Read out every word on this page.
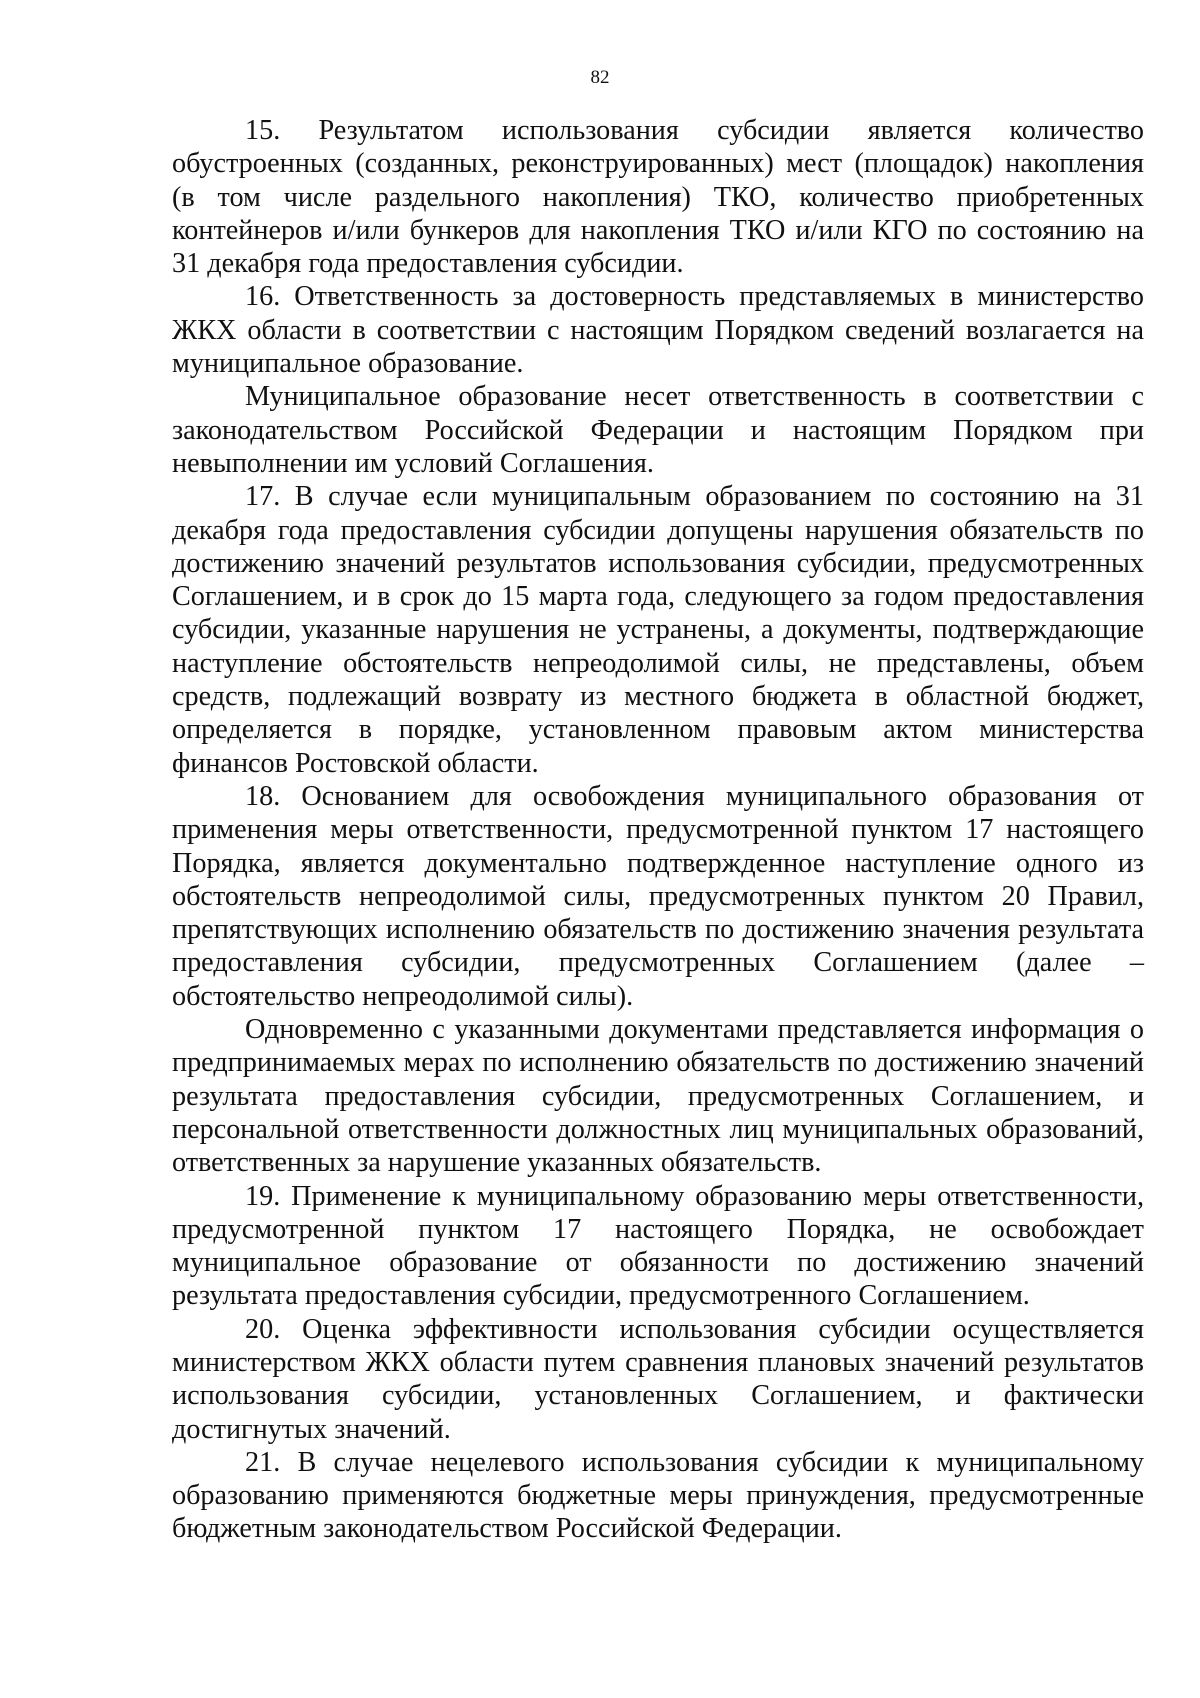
82

15. Результатом использования субсидии является количество обустроенных (созданных, реконструированных) мест (площадок) накопления (в том числе раздельного накопления) ТКО, количество приобретенных контейнеров и/или бункеров для накопления ТКО и/или КГО по состоянию на 31 декабря года предоставления субсидии.

16. Ответственность за достоверность представляемых в министерство ЖКХ области в соответствии с настоящим Порядком сведений возлагается на муниципальное образование.

Муниципальное образование несет ответственность в соответствии с законодательством Российской Федерации и настоящим Порядком при невыполнении им условий Соглашения.

17. В случае если муниципальным образованием по состоянию на 31 декабря года предоставления субсидии допущены нарушения обязательств по достижению значений результатов использования субсидии, предусмотренных Соглашением, и в срок до 15 марта года, следующего за годом предоставления субсидии, указанные нарушения не устранены, а документы, подтверждающие наступление обстоятельств непреодолимой силы, не представлены, объем средств, подлежащий возврату из местного бюджета в областной бюджет, определяется в порядке, установленном правовым актом министерства финансов Ростовской области.

18. Основанием для освобождения муниципального образования от применения меры ответственности, предусмотренной пунктом 17 настоящего Порядка, является документально подтвержденное наступление одного из обстоятельств непреодолимой силы, предусмотренных пунктом 20 Правил, препятствующих исполнению обязательств по достижению значения результата предоставления субсидии, предусмотренных Соглашением (далее – обстоятельство непреодолимой силы).

Одновременно с указанными документами представляется информация о предпринимаемых мерах по исполнению обязательств по достижению значений результата предоставления субсидии, предусмотренных Соглашением, и персональной ответственности должностных лиц муниципальных образований, ответственных за нарушение указанных обязательств.

19. Применение к муниципальному образованию меры ответственности, предусмотренной пунктом 17 настоящего Порядка, не освобождает муниципальное образование от обязанности по достижению значений результата предоставления субсидии, предусмотренного Соглашением.

20. Оценка эффективности использования субсидии осуществляется министерством ЖКХ области путем сравнения плановых значений результатов использования субсидии, установленных Соглашением, и фактически достигнутых значений.

21. В случае нецелевого использования субсидии к муниципальному образованию применяются бюджетные меры принуждения, предусмотренные бюджетным законодательством Российской Федерации.
